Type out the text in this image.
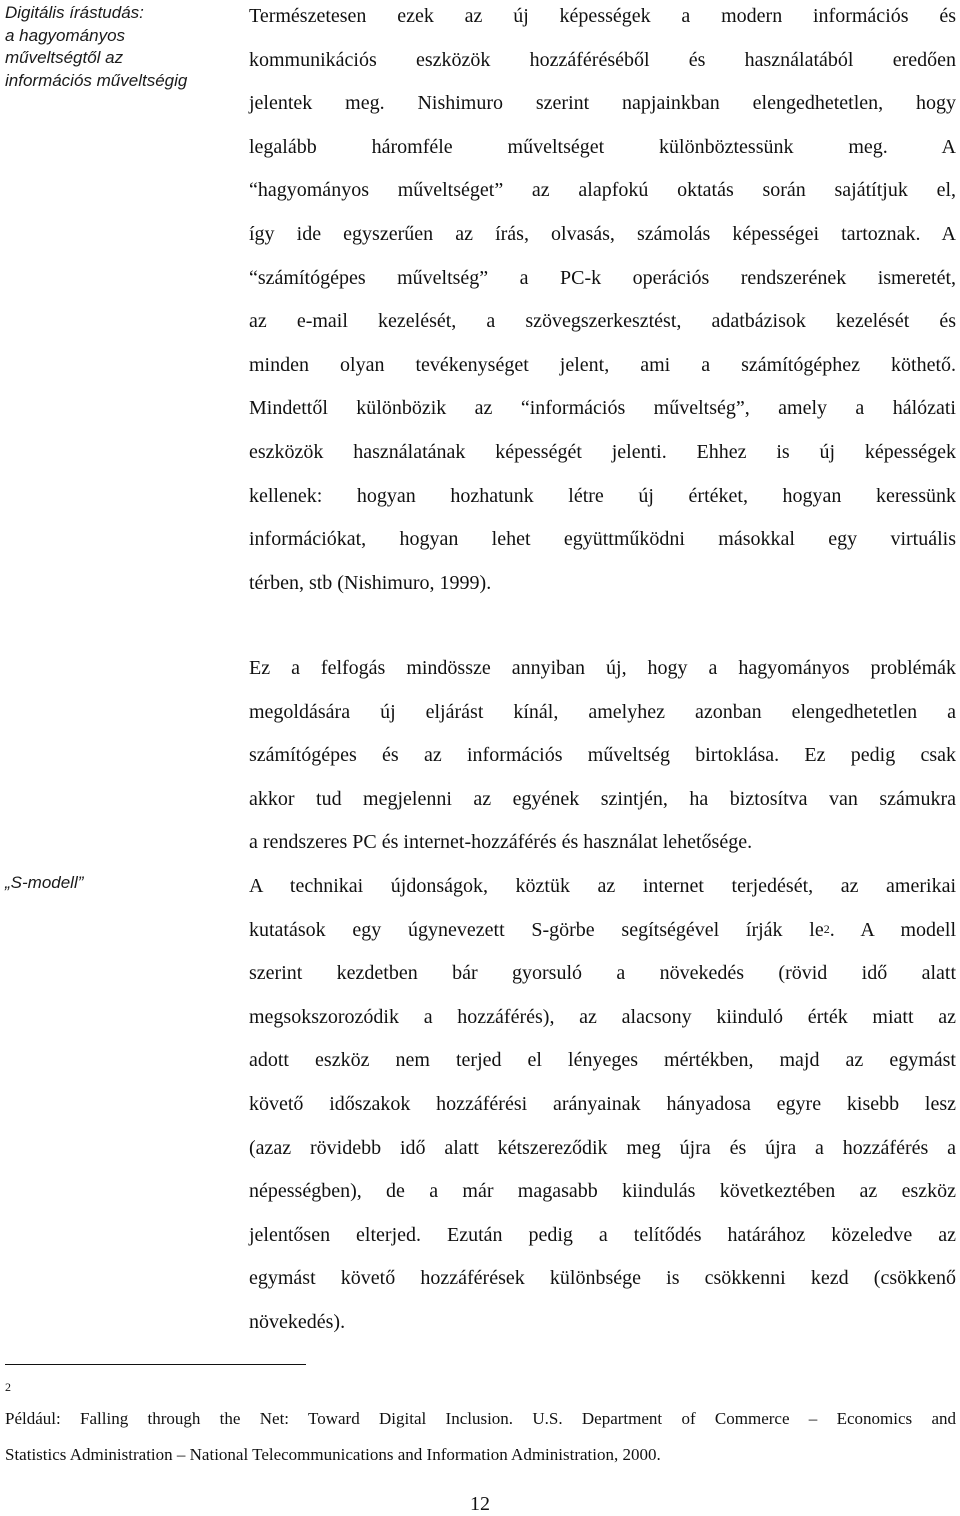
Digitális írástudás:
a hagyományos
műveltségtől az
információs műveltségig
„S-modell”
Természetesen ezek az új képességek a modern információs és
kommunikációs eszközök hozzáféréséből és használatából eredően
jelentek meg. Nishimuro szerint napjainkban elengedhetetlen, hogy
legalább háromféle műveltséget különböztessünk meg. A
“hagyományos műveltséget” az alapfokú oktatás során sajátítjuk el,
így ide egyszerűen az írás, olvasás, számolás képességei tartoznak. A
“számítógépes műveltség” a PC-k operációs rendszerének ismeretét,
az e-mail kezelését, a szövegszerkesztést, adatbázisok kezelését és
minden olyan tevékenységet jelent, ami a számítógéphez köthető.
Mindettől különbözik az “információs műveltség”, amely a hálózati
eszközök használatának képességét jelenti. Ehhez is új képességek
kellenek: hogyan hozhatunk létre új értéket, hogyan keressünk
információkat, hogyan lehet együttműködni másokkal egy virtuális
térben, stb (Nishimuro, 1999).
Ez a felfogás mindössze annyiban új, hogy a hagyományos problémák
megoldására új eljárást kínál, amelyhez azonban elengedhetetlen a
számítógépes és az információs műveltség birtoklása. Ez pedig csak
akkor tud megjelenni az egyének szintjén, ha biztosítva van számukra
a rendszeres PC és internet-hozzáférés és használat lehetősége.
A technikai újdonságok, köztük az internet terjedését, az amerikai
kutatások egy úgynevezett S-görbe segítségével írják $le^2$. A modell
szerint kezdetben bár gyorsuló a növekedés (rövid idő alatt
megsokszorozódik a hozzáférés), az alacsony kiinduló érték miatt az
adott eszköz nem terjed el lényeges mértékben, majd az egymást
követő időszakok hozzáférési arányainak hányadosa egyre kisebb lesz
(azaz rövidebb idő alatt kétszereződik meg újra és újra a hozzáférés a
népességben), de a már magasabb kiindulás következtében az eszköz
jelentősen elterjed. Ezután pedig a telítődés határához közeledve az
egymást követő hozzáférések különbsége is csökkenni kezd (csökkenő
növekedés).
2
Például: Falling through the Net: Toward Digital Inclusion. U.S. Department of Commerce – Economics and
Statistics Administration – National Telecommunications and Information Administration, 2000.
12
